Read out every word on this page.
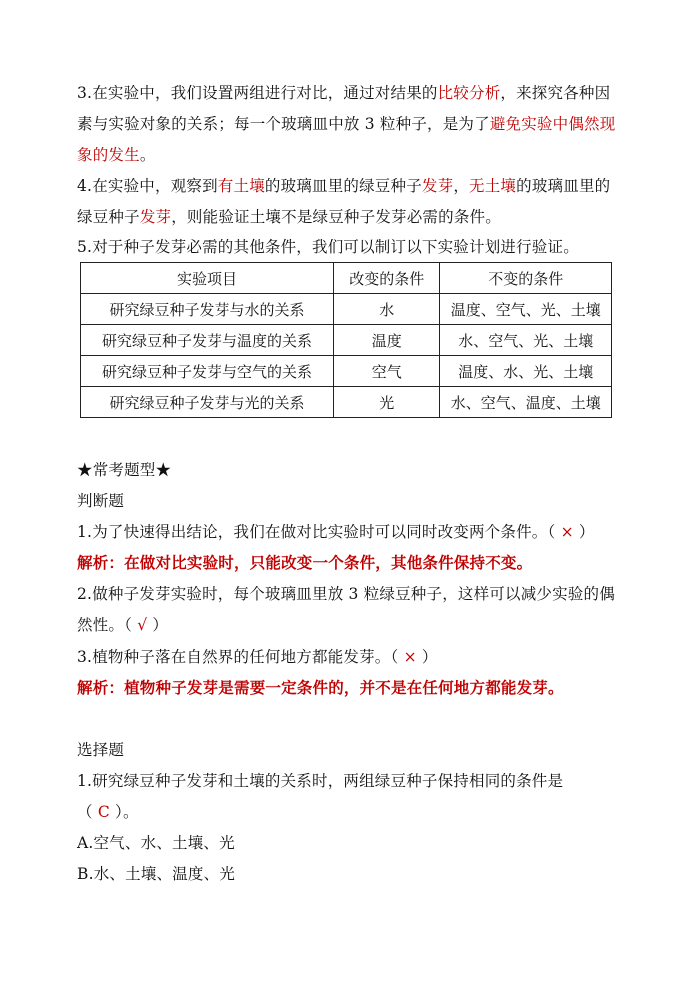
3.在实验中，我们设置两组进行对比，通过对结果的比较分析，来探究各种因

素与实验对象的关系；每一个玻璃皿中放 3 粒种子，是为了避免实验中偶然现

象的发生。

4.在实验中，观察到有土壤的玻璃皿里的绿豆种子发芽，无土壤的玻璃皿里的

绿豆种子发芽，则能验证土壤不是绿豆种子发芽必需的条件。

5.对于种子发芽必需的其他条件，我们可以制订以下实验计划进行验证。

实验项目	改变的条件	不变的条件
研究绿豆种子发芽与水的关系	水	温度、空气、光、土壤
研究绿豆种子发芽与温度的关系	温度	水、空气、光、土壤
研究绿豆种子发芽与空气的关系	空气	温度、水、光、土壤
研究绿豆种子发芽与光的关系	光	水、空气、温度、土壤

★常考题型★

判断题

1.为了快速得出结论，我们在做对比实验时可以同时改变两个条件。（ × ）

解析：在做对比实验时，只能改变一个条件，其他条件保持不变。

2.做种子发芽实验时，每个玻璃皿里放 3 粒绿豆种子，这样可以减少实验的偶

然性。（ √ ）

3.植物种子落在自然界的任何地方都能发芽。（ × ）

解析：植物种子发芽是需要一定条件的，并不是在任何地方都能发芽。

选择题

1.研究绿豆种子发芽和土壤的关系时，两组绿豆种子保持相同的条件是

（ C ）。

A.空气、水、土壤、光

B.水、土壤、温度、光
